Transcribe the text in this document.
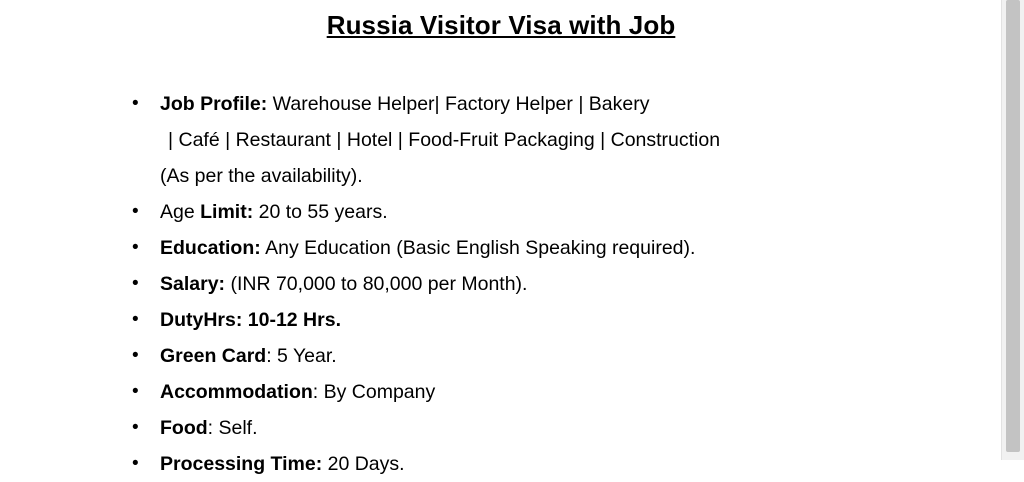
Russia Visitor Visa with Job
• Job Profile: Warehouse Helper| Factory Helper | Bakery
| Café | Restaurant | Hotel | Food-Fruit Packaging | Construction
(As per the availability).
• Age Limit: 20 to 55 years.
• Education: Any Education (Basic English Speaking required).
• Salary: (INR 70,000 to 80,000 per Month).
• DutyHrs: 10-12 Hrs.
• Green Card: 5 Year.
• Accommodation: By Company
• Food: Self.
• Processing Time: 20 Days.
